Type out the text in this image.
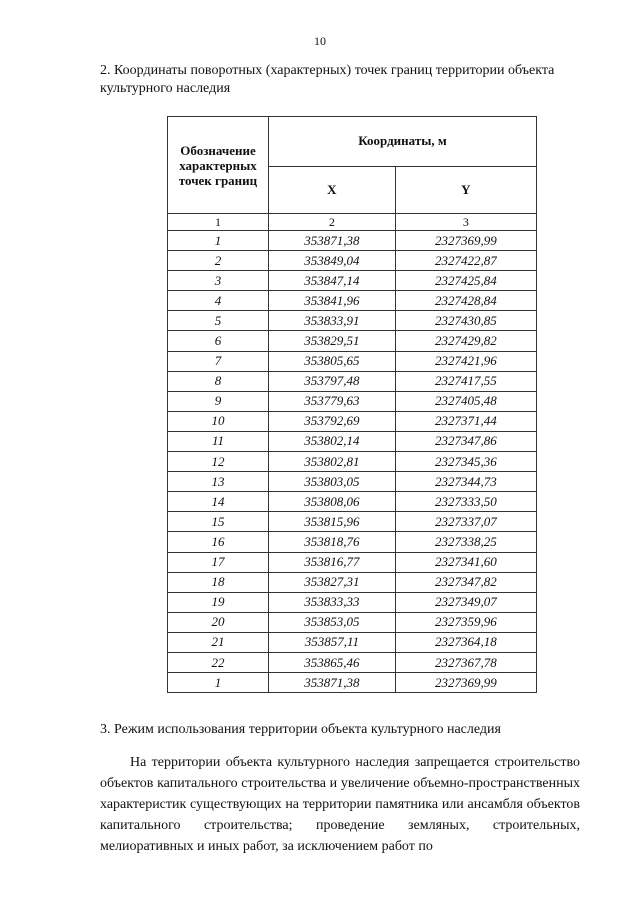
10
2. Координаты поворотных (характерных) точек границ территории объекта культурного наследия
Обозначение характерных точек границ	Координаты, м	
	X	Y
1	2	3
1	353871,38	2327369,99
2	353849,04	2327422,87
3	353847,14	2327425,84
4	353841,96	2327428,84
5	353833,91	2327430,85
6	353829,51	2327429,82
7	353805,65	2327421,96
8	353797,48	2327417,55
9	353779,63	2327405,48
10	353792,69	2327371,44
11	353802,14	2327347,86
12	353802,81	2327345,36
13	353803,05	2327344,73
14	353808,06	2327333,50
15	353815,96	2327337,07
16	353818,76	2327338,25
17	353816,77	2327341,60
18	353827,31	2327347,82
19	353833,33	2327349,07
20	353853,05	2327359,96
21	353857,11	2327364,18
22	353865,46	2327367,78
1	353871,38	2327369,99
3. Режим использования территории объекта культурного наследия
На территории объекта культурного наследия запрещается строительство объектов капитального строительства и увеличение объемно-пространственных характеристик существующих на территории памятника или ансамбля объектов капитального строительства; проведение земляных, строительных, мелиоративных и иных работ, за исключением работ по
